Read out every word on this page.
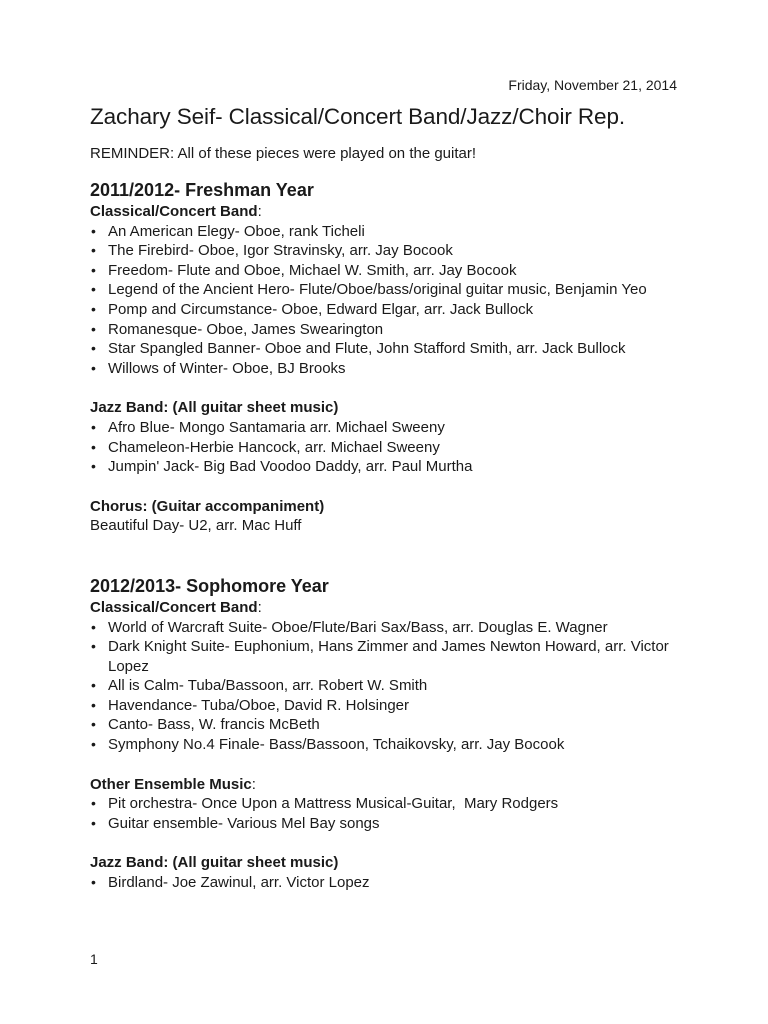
Friday, November 21, 2014
Zachary Seif- Classical/Concert Band/Jazz/Choir Rep.
REMINDER: All of these pieces were played on the guitar!
2011/2012- Freshman Year

Classical/Concert Band:

• An American Elegy- Oboe, rank Ticheli
• The Firebird- Oboe, Igor Stravinsky, arr. Jay Bocook
• Freedom- Flute and Oboe, Michael W. Smith, arr. Jay Bocook
• Legend of the Ancient Hero- Flute/Oboe/bass/original guitar music, Benjamin Yeo
• Pomp and Circumstance- Oboe, Edward Elgar, arr. Jack Bullock
• Romanesque- Oboe, James Swearington
• Star Spangled Banner- Oboe and Flute, John Stafford Smith, arr. Jack Bullock
• Willows of Winter- Oboe, BJ Brooks

Jazz Band: (All guitar sheet music)

• Afro Blue- Mongo Santamaria arr. Michael Sweeny
• Chameleon-Herbie Hancock, arr. Michael Sweeny
• Jumpin' Jack- Big Bad Voodoo Daddy, arr. Paul Murtha

Chorus: (Guitar accompaniment)

Beautiful Day- U2, arr. Mac Huff

2012/2013- Sophomore Year

Classical/Concert Band:

• World of Warcraft Suite- Oboe/Flute/Bari Sax/Bass, arr. Douglas E. Wagner
• Dark Knight Suite- Euphonium, Hans Zimmer and James Newton Howard, arr. Victor Lopez
• All is Calm- Tuba/Bassoon, arr. Robert W. Smith
• Havendance- Tuba/Oboe, David R. Holsinger
• Canto- Bass, W. francis McBeth
• Symphony No.4 Finale- Bass/Bassoon, Tchaikovsky, arr. Jay Bocook

Other Ensemble Music:

• Pit orchestra- Once Upon a Mattress Musical-Guitar,  Mary Rodgers
• Guitar ensemble- Various Mel Bay songs

Jazz Band: (All guitar sheet music)

• Birdland- Joe Zawinul, arr. Victor Lopez
1
